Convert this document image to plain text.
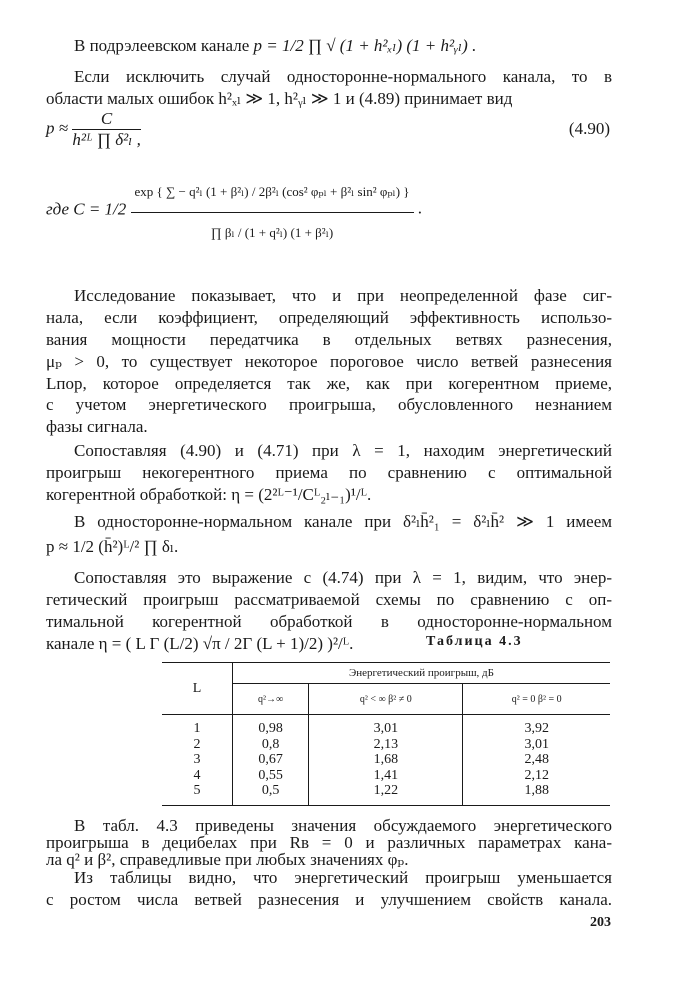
В подрэлеевском канале p = 1/2 ∏ √ (1 + h²ₓₗ) (1 + h²ᵧₗ) .
Если исключить случай односторонне-нормального канала, то в
области малых ошибок h²ₓₗ ≫ 1, h²ᵧₗ ≫ 1 и (4.89) принимает вид
$p \approx \frac{C}{\text{h²ᴸ ∏ δ²ₗ ,}}$	(4.90)
где $C = 1/2 \frac{\text{exp \{ ∑ − q²ₗ (1 + β²ₗ) / 2β²ₗ (cos² φₚₗ + β²ₗ sin² φₚₗ) \}}}{\text{∏ βₗ / (1 + q²ₗ) (1 + β²ₗ)}}$ .
Исследование показывает, что и при неопределенной фазе сиг-
нала, если коэффициент, определяющий эффективность использо-
вания мощности передатчика в отдельных ветвях разнесения,
μₚ > 0, то существует некоторое пороговое число ветвей разнесения
Lпор, которое определяется так же, как при когерентном приеме,
с учетом энергетического проигрыша, обусловленного незнанием
фазы сигнала.
Сопоставляя (4.90) и (4.71) при λ = 1, находим энергетический
проигрыш некогерентного приема по сравнению с оптимальной
когерентной обработкой: η = (2²ᴸ⁻¹/Cᴸ₂ₗ₋₁)¹/ᴸ.
В односторонне-нормальном канале при δ²ₗh̄²₁ = δ²ₗh̄² ≫ 1 имеем
p ≈ 1/2 (h̄²)ᴸ/² ∏ δₗ.
Сопоставляя это выражение с (4.74) при λ = 1, видим, что энер-
гетический проигрыш рассматриваемой схемы по сравнению с оп-
тимальной когерентной обработкой в односторонне-нормальном
канале η = ( L Γ (L/2) √π / 2Γ (L + 1)/2) )²/ᴸ.	Таблица 4.3
L	Энергетический проигрыш, дБ		
	q²→∞	q² < ∞ β² ≠ 0	q² = 0 β² = 0
1	0,98	3,01	3,92
2	0,8	2,13	3,01
3	0,67	1,68	2,48
4	0,55	1,41	2,12
5	0,5	1,22	1,88
В табл. 4.3 приведены значения обсуждаемого энергетического
проигрыша в децибелах при Rв = 0 и различных параметрах кана-
ла q² и β², справедливые при любых значениях φₚ.
Из таблицы видно, что энергетический проигрыш уменьшается
с ростом числа ветвей разнесения и улучшением свойств канала.
203
